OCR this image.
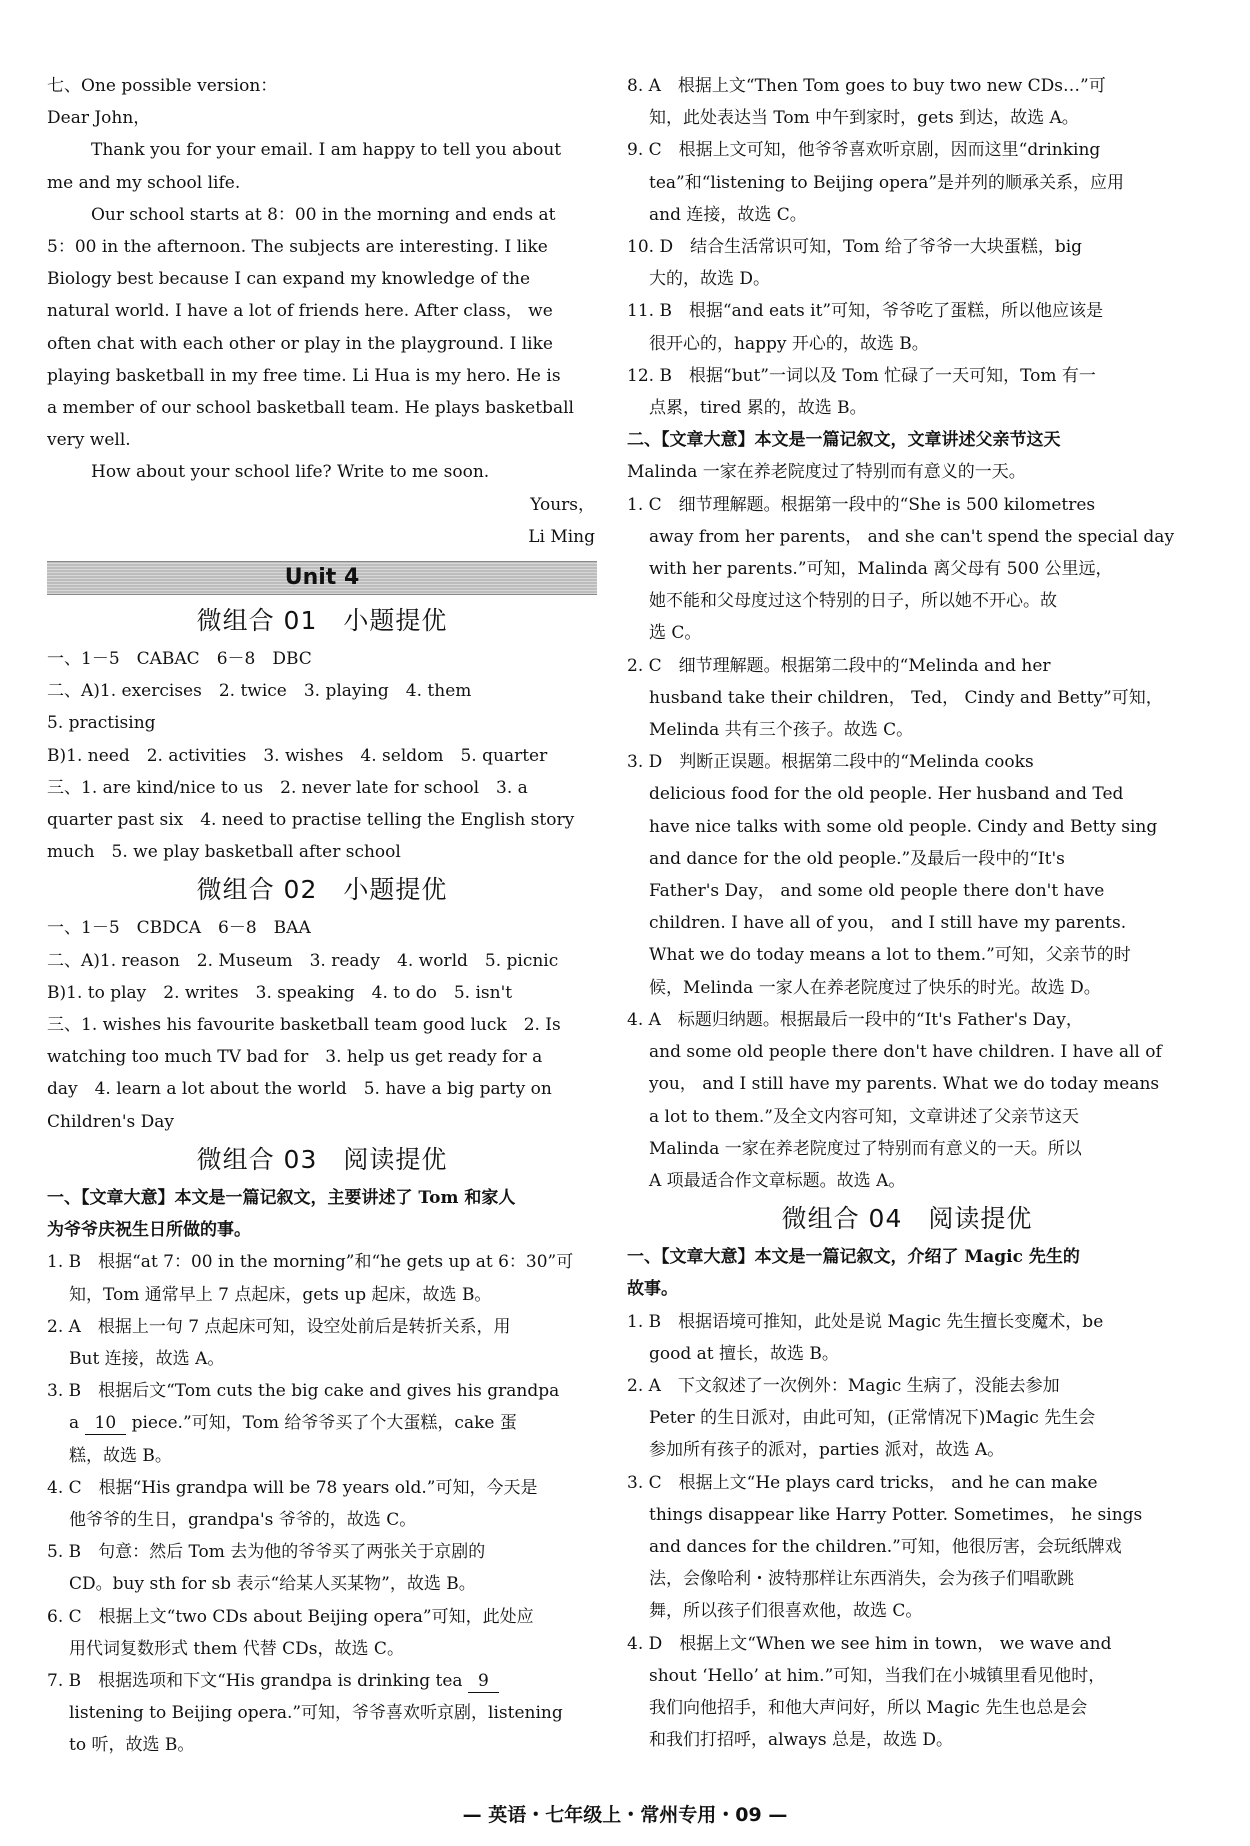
七、One possible version：
Dear John，
Thank you for your email. I am happy to tell you about
me and my school life.
Our school starts at 8：00 in the morning and ends at
5：00 in the afternoon. The subjects are interesting. I like
Biology best because I can expand my knowledge of the
natural world. I have a lot of friends here. After class， we
often chat with each other or play in the playground. I like
playing basketball in my free time. Li Hua is my hero. He is
a member of our school basketball team. He plays basketball
very well.
How about your school life? Write to me soon.
Yours，
Li Ming
Unit 4
微组合 01　小题提优
一、1－5　CABAC　6－8　DBC
二、A)1. exercises　2. twice　3. playing　4. them
5. practising
B)1. need　2. activities　3. wishes　4. seldom　5. quarter
三、1. are kind/nice to us　2. never late for school　3. a
quarter past six　4. need to practise telling the English story
much　5. we play basketball after school
微组合 02　小题提优
一、1－5　CBDCA　6－8　BAA
二、A)1. reason　2. Museum　3. ready　4. world　5. picnic
B)1. to play　2. writes　3. speaking　4. to do　5. isn't
三、1. wishes his favourite basketball team good luck　2. Is
watching too much TV bad for　3. help us get ready for a
day　4. learn a lot about the world　5. have a big party on
Children's Day
微组合 03　阅读提优
一、【文章大意】本文是一篇记叙文，主要讲述了 Tom 和家人
为爷爷庆祝生日所做的事。
1. B　根据“at 7：00 in the morning”和“he gets up at 6：30”可
知，Tom 通常早上 7 点起床，gets up 起床，故选 B。
2. A　根据上一句 7 点起床可知，设空处前后是转折关系，用
But 连接，故选 A。
3. B　根据后文“Tom cuts the big cake and gives his grandpa
a 10 piece.”可知，Tom 给爷爷买了个大蛋糕，cake 蛋
糕，故选 B。
4. C　根据“His grandpa will be 78 years old.”可知，今天是
他爷爷的生日，grandpa's 爷爷的，故选 C。
5. B　句意：然后 Tom 去为他的爷爷买了两张关于京剧的
CD。buy sth for sb 表示“给某人买某物”，故选 B。
6. C　根据上文“two CDs about Beijing opera”可知，此处应
用代词复数形式 them 代替 CDs，故选 C。
7. B　根据选项和下文“His grandpa is drinking tea 9
listening to Beijing opera.”可知，爷爷喜欢听京剧，listening
to 听，故选 B。
8. A　根据上文“Then Tom goes to buy two new CDs…”可
知，此处表达当 Tom 中午到家时，gets 到达，故选 A。
9. C　根据上文可知，他爷爷喜欢听京剧，因而这里“drinking
tea”和“listening to Beijing opera”是并列的顺承关系，应用
and 连接，故选 C。
10. D　结合生活常识可知，Tom 给了爷爷一大块蛋糕，big
大的，故选 D。
11. B　根据“and eats it”可知，爷爷吃了蛋糕，所以他应该是
很开心的，happy 开心的，故选 B。
12. B　根据“but”一词以及 Tom 忙碌了一天可知，Tom 有一
点累，tired 累的，故选 B。
二、【文章大意】本文是一篇记叙文，文章讲述父亲节这天
Malinda 一家在养老院度过了特别而有意义的一天。
1. C　细节理解题。根据第一段中的“She is 500 kilometres
away from her parents， and she can't spend the special day
with her parents.”可知，Malinda 离父母有 500 公里远，
她不能和父母度过这个特别的日子，所以她不开心。故
选 C。
2. C　细节理解题。根据第二段中的“Melinda and her
husband take their children， Ted， Cindy and Betty”可知，
Melinda 共有三个孩子。故选 C。
3. D　判断正误题。根据第二段中的“Melinda cooks
delicious food for the old people. Her husband and Ted
have nice talks with some old people. Cindy and Betty sing
and dance for the old people.”及最后一段中的“It's
Father's Day， and some old people there don't have
children. I have all of you， and I still have my parents.
What we do today means a lot to them.”可知，父亲节的时
候，Melinda 一家人在养老院度过了快乐的时光。故选 D。
4. A　标题归纳题。根据最后一段中的“It's Father's Day，
and some old people there don't have children. I have all of
you， and I still have my parents. What we do today means
a lot to them.”及全文内容可知，文章讲述了父亲节这天
Malinda 一家在养老院度过了特别而有意义的一天。所以
A 项最适合作文章标题。故选 A。
微组合 04　阅读提优
一、【文章大意】本文是一篇记叙文，介绍了 Magic 先生的
故事。
1. B　根据语境可推知，此处是说 Magic 先生擅长变魔术，be
good at 擅长，故选 B。
2. A　下文叙述了一次例外：Magic 生病了，没能去参加
Peter 的生日派对，由此可知，(正常情况下)Magic 先生会
参加所有孩子的派对，parties 派对，故选 A。
3. C　根据上文“He plays card tricks， and he can make
things disappear like Harry Potter. Sometimes， he sings
and dances for the children.”可知，他很厉害，会玩纸牌戏
法，会像哈利・波特那样让东西消失，会为孩子们唱歌跳
舞，所以孩子们很喜欢他，故选 C。
4. D　根据上文“When we see him in town， we wave and
shout ‘Hello’ at him.”可知，当我们在小城镇里看见他时，
我们向他招手，和他大声问好，所以 Magic 先生也总是会
和我们打招呼，always 总是，故选 D。
— 英语・七年级上・常州专用・09 —
